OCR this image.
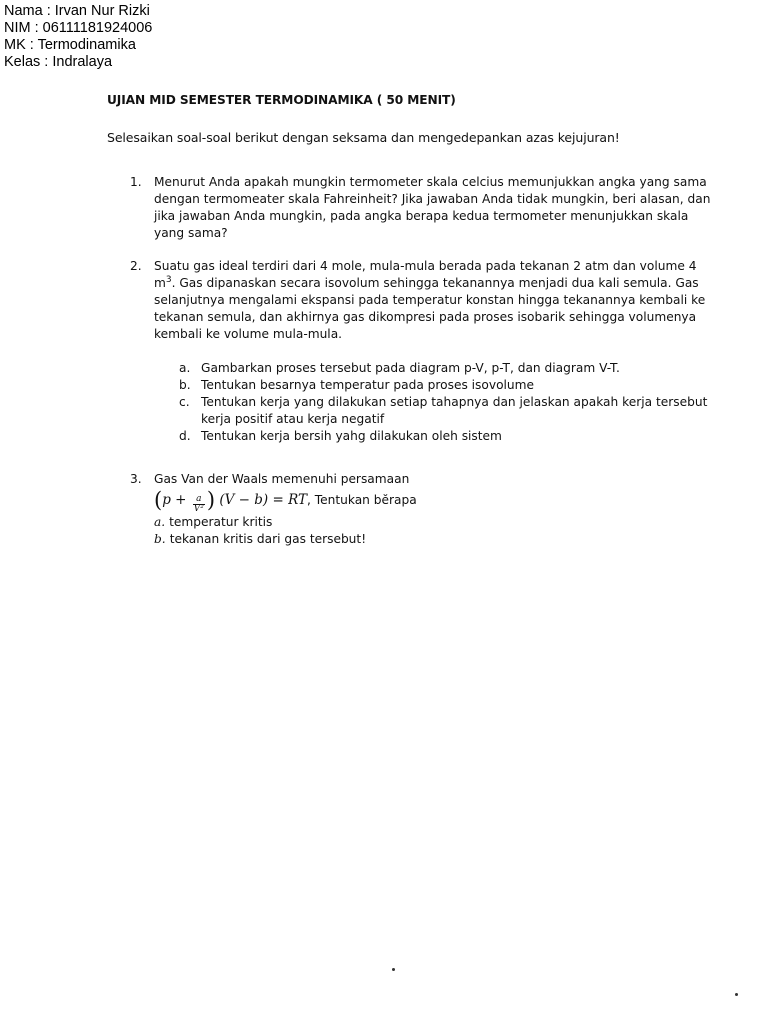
Nama : Irvan Nur Rizki
NIM : 06111181924006
MK : Termodinamika
Kelas : Indralaya
UJIAN MID SEMESTER TERMODINAMIKA ( 50 MENIT)
Selesaikan soal-soal berikut dengan seksama dan mengedepankan azas kejujuran!
1. Menurut Anda apakah mungkin termometer skala celcius memunjukkan angka yang sama dengan termomeater skala Fahreinheit? Jika jawaban Anda tidak mungkin, beri alasan, dan jika jawaban Anda mungkin, pada angka berapa kedua termometer menunjukkan skala yang sama?
2. Suatu gas ideal terdiri dari 4 mole, mula-mula berada pada tekanan 2 atm dan volume 4 $m^3$. Gas dipanaskan secara isovolum sehingga tekanannya menjadi dua kali semula. Gas selanjutnya mengalami ekspansi pada temperatur konstan hingga tekanannya kembali ke tekanan semula, dan akhirnya gas dikompresi pada proses isobarik sehingga volumenya kembali ke volume mula-mula.
a. Gambarkan proses tersebut pada diagram p-V, p-T, dan diagram V-T.
b. Tentukan besarnya temperatur pada proses isovolume
c. Tentukan kerja yang dilakukan setiap tahapnya dan jelaskan apakah kerja tersebut kerja positif atau kerja negatif
d. Tentukan kerja bersih yahg dilakukan oleh sistem
3. Gas Van der Waals memenuhi persamaan
($p + \frac{a}{\text{V²}}$ ) (V − b) = RT, Tentukan bĕrapa
a. temperatur kritis
b. tekanan kritis dari gas tersebut!
